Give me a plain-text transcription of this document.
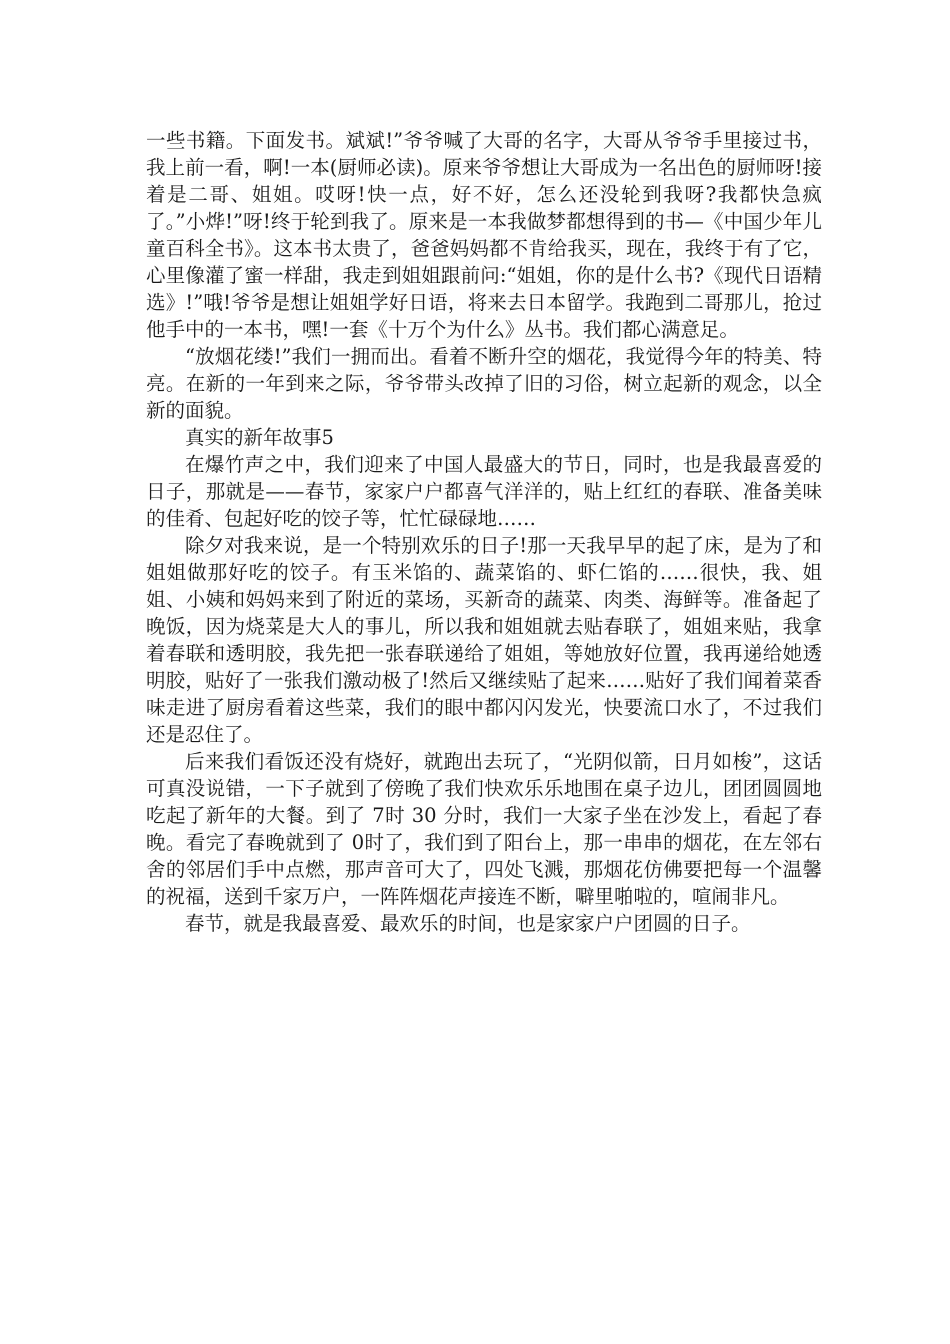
一些书籍。下面发书。斌斌!”爷爷喊了大哥的名字，大哥从爷爷手里接过书，我上前一看，啊!一本(厨师必读)。原来爷爷想让大哥成为一名出色的厨师呀!接着是二哥、姐姐。哎呀!快一点，好不好，怎么还没轮到我呀?我都快急疯了。”小烨!”呀!终于轮到我了。原来是一本我做梦都想得到的书—《中国少年儿童百科全书》。这本书太贵了，爸爸妈妈都不肯给我买，现在，我终于有了它，心里像灌了蜜一样甜，我走到姐姐跟前问:“姐姐，你的是什么书?《现代日语精选》!”哦!爷爷是想让姐姐学好日语，将来去日本留学。我跑到二哥那儿，抢过他手中的一本书，嘿!一套《十万个为什么》丛书。我们都心满意足。

“放烟花缕!”我们一拥而出。看着不断升空的烟花，我觉得今年的特美、特亮。在新的一年到来之际，爷爷带头改掉了旧的习俗，树立起新的观念，以全新的面貌。

真实的新年故事5

在爆竹声之中，我们迎来了中国人最盛大的节日，同时，也是我最喜爱的日子，那就是——春节，家家户户都喜气洋洋的，贴上红红的春联、准备美味的佳肴、包起好吃的饺子等，忙忙碌碌地……

除夕对我来说，是一个特别欢乐的日子!那一天我早早的起了床，是为了和姐姐做那好吃的饺子。有玉米馅的、蔬菜馅的、虾仁馅的……很快，我、姐姐、小姨和妈妈来到了附近的菜场，买新奇的蔬菜、肉类、海鲜等。准备起了晚饭，因为烧菜是大人的事儿，所以我和姐姐就去贴春联了，姐姐来贴，我拿着春联和透明胶，我先把一张春联递给了姐姐，等她放好位置，我再递给她透明胶，贴好了一张我们激动极了!然后又继续贴了起来……贴好了我们闻着菜香味走进了厨房看着这些菜，我们的眼中都闪闪发光，快要流口水了，不过我们还是忍住了。

后来我们看饭还没有烧好，就跑出去玩了，“光阴似箭，日月如梭”，这话可真没说错，一下子就到了傍晚了我们快欢乐乐地围在桌子边儿，团团圆圆地吃起了新年的大餐。到了 7时 30 分时，我们一大家子坐在沙发上，看起了春晚。看完了春晚就到了 0时了，我们到了阳台上，那一串串的烟花，在左邻右舍的邻居们手中点燃，那声音可大了，四处飞溅，那烟花仿佛要把每一个温馨的祝福，送到千家万户，一阵阵烟花声接连不断，噼里啪啦的，喧闹非凡。

春节，就是我最喜爱、最欢乐的时间，也是家家户户团圆的日子。
